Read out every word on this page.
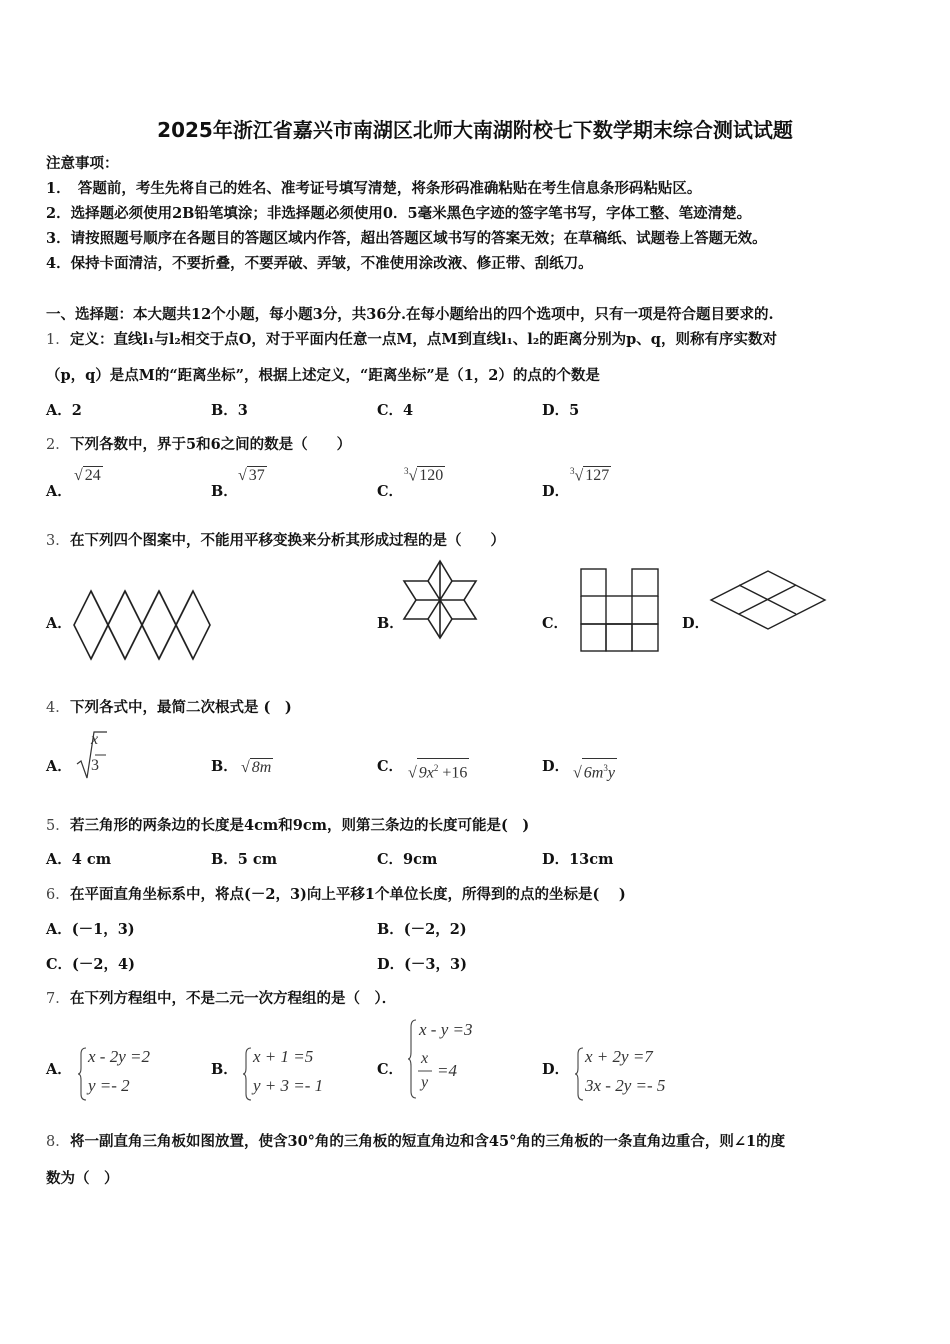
2025年浙江省嘉兴市南湖区北师大南湖附校七下数学期末综合测试试题
注意事项：
1．　答题前，考生先将自己的姓名、准考证号填写清楚，将条形码准确粘贴在考生信息条形码粘贴区。
2．选择题必须使用2B铅笔填涂；非选择题必须使用0．5毫米黑色字迹的签字笔书写，字体工整、笔迹清楚。
3．请按照题号顺序在各题目的答题区域内作答，超出答题区域书写的答案无效；在草稿纸、试题卷上答题无效。
4．保持卡面清洁，不要折叠，不要弄破、弄皱，不准使用涂改液、修正带、刮纸刀。
一、选择题：本大题共12个小题，每小题3分，共36分.在每小题给出的四个选项中，只有一项是符合题目要求的.
1． 定义：直线l₁与l₂相交于点O，对于平面内任意一点M，点M到直线l₁、l₂的距离分别为p、q，则称有序实数对
（p，q）是点M的“距离坐标”，根据上述定义，“距离坐标”是（1，2）的点的个数是
A．2	B．3	C．4	D．5
2． 下列各数中，界于5和6之间的数是（　　）
A．
√ 24
B．
√ 37
C．
$^3$√ 120
D．
$^3$√ 127
3． 在下列四个图案中，不能用平移变换来分析其形成过程的是（　　）
A．	B．	C．	D．
4． 下列各式中，最简二次根式是 (　)
A．
x
3	B． √ 8m	C． √ $9x^2 +16$	D． √ $6m^3y$
5． 若三角形的两条边的长度是4cm和9cm，则第三条边的长度可能是(　)
A．4 cm	B．5 cm	C．9cm	D．13cm
6． 在平面直角坐标系中，将点(－2，3)向上平移1个单位长度，所得到的点的坐标是(　 )
A．(－1，3)	B．(－2，2)
C．(－2，4)	D．(－3，3)
7． 在下列方程组中，不是二元一次方程组的是（　）．
A．
x - 2y =2
y =- 2
B．
x + 1 =5
y + 3 =- 1
C．
x - y =3
x
y
=4	D．
x + 2y =7
3x - 2y =- 5
8． 将一副直角三角板如图放置，使含30°角的三角板的短直角边和含45°角的三角板的一条直角边重合，则∠1的度
数为（　）
